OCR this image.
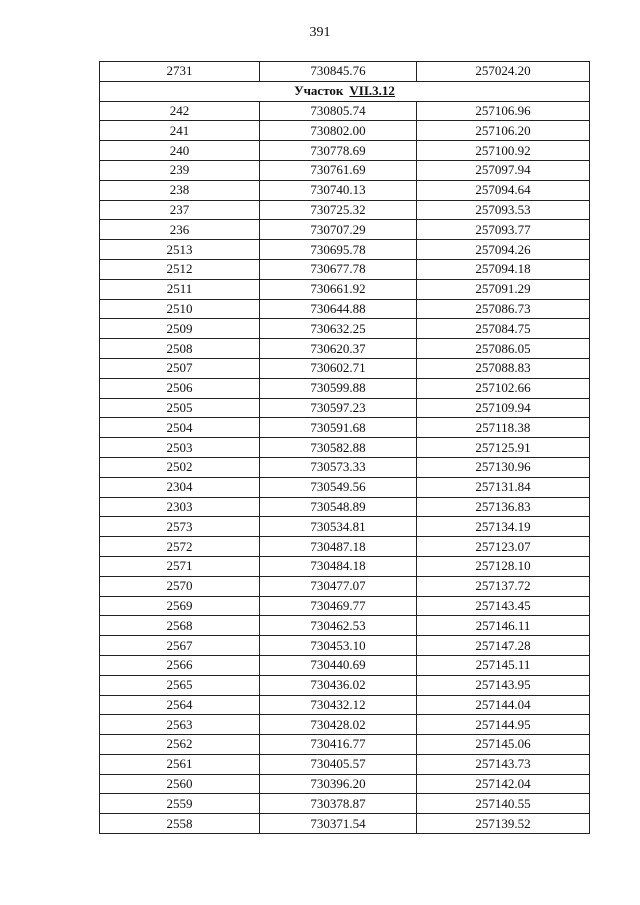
391
2731	730845.76	257024.20
Участок VII.3.12		
242	730805.74	257106.96
241	730802.00	257106.20
240	730778.69	257100.92
239	730761.69	257097.94
238	730740.13	257094.64
237	730725.32	257093.53
236	730707.29	257093.77
2513	730695.78	257094.26
2512	730677.78	257094.18
2511	730661.92	257091.29
2510	730644.88	257086.73
2509	730632.25	257084.75
2508	730620.37	257086.05
2507	730602.71	257088.83
2506	730599.88	257102.66
2505	730597.23	257109.94
2504	730591.68	257118.38
2503	730582.88	257125.91
2502	730573.33	257130.96
2304	730549.56	257131.84
2303	730548.89	257136.83
2573	730534.81	257134.19
2572	730487.18	257123.07
2571	730484.18	257128.10
2570	730477.07	257137.72
2569	730469.77	257143.45
2568	730462.53	257146.11
2567	730453.10	257147.28
2566	730440.69	257145.11
2565	730436.02	257143.95
2564	730432.12	257144.04
2563	730428.02	257144.95
2562	730416.77	257145.06
2561	730405.57	257143.73
2560	730396.20	257142.04
2559	730378.87	257140.55
2558	730371.54	257139.52
